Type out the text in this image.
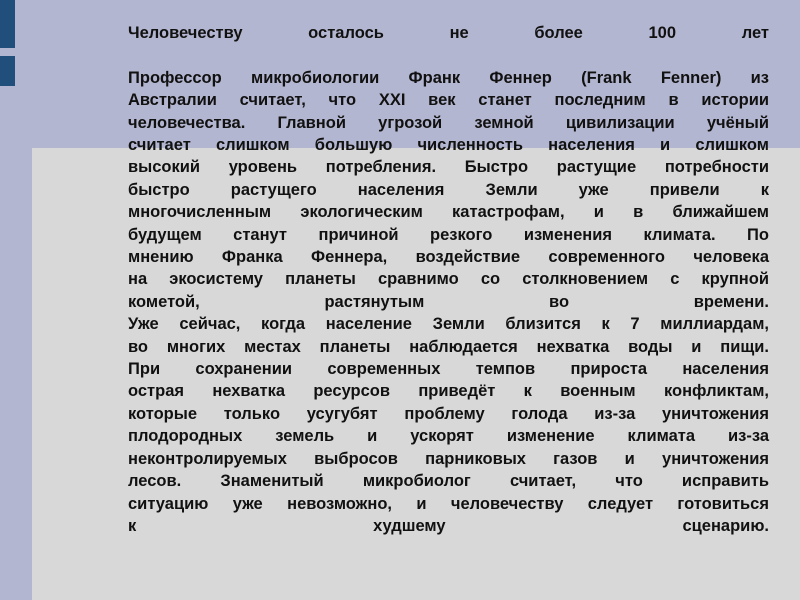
Человечеству осталось не более 100 лет

Профессор микробиологии Франк Феннер (Frank Fenner) из

Австралии считает, что XXI век станет последним в истории

человечества. Главной угрозой земной цивилизации учёный

считает слишком большую численность населения и слишком

высокий уровень потребления. Быстро растущие потребности

быстро растущего населения Земли уже привели к

многочисленным экологическим катастрофам, и в ближайшем

будущем станут причиной резкого изменения климата. По

мнению Франка Феннера, воздействие современного человека

на экосистему планеты сравнимо со столкновением с крупной

кометой, растянутым во времени.

Уже сейчас, когда население Земли близится к 7 миллиардам,

во многих местах планеты наблюдается нехватка воды и пищи.

При сохранении современных темпов прироста населения

острая нехватка ресурсов приведёт к военным конфликтам,

которые только усугубят проблему голода из-за уничтожения

плодородных земель и ускорят изменение климата из-за

неконтролируемых выбросов парниковых газов и уничтожения

лесов. Знаменитый микробиолог считает, что исправить

ситуацию уже невозможно, и человечеству следует готовиться

к худшему сценарию.
